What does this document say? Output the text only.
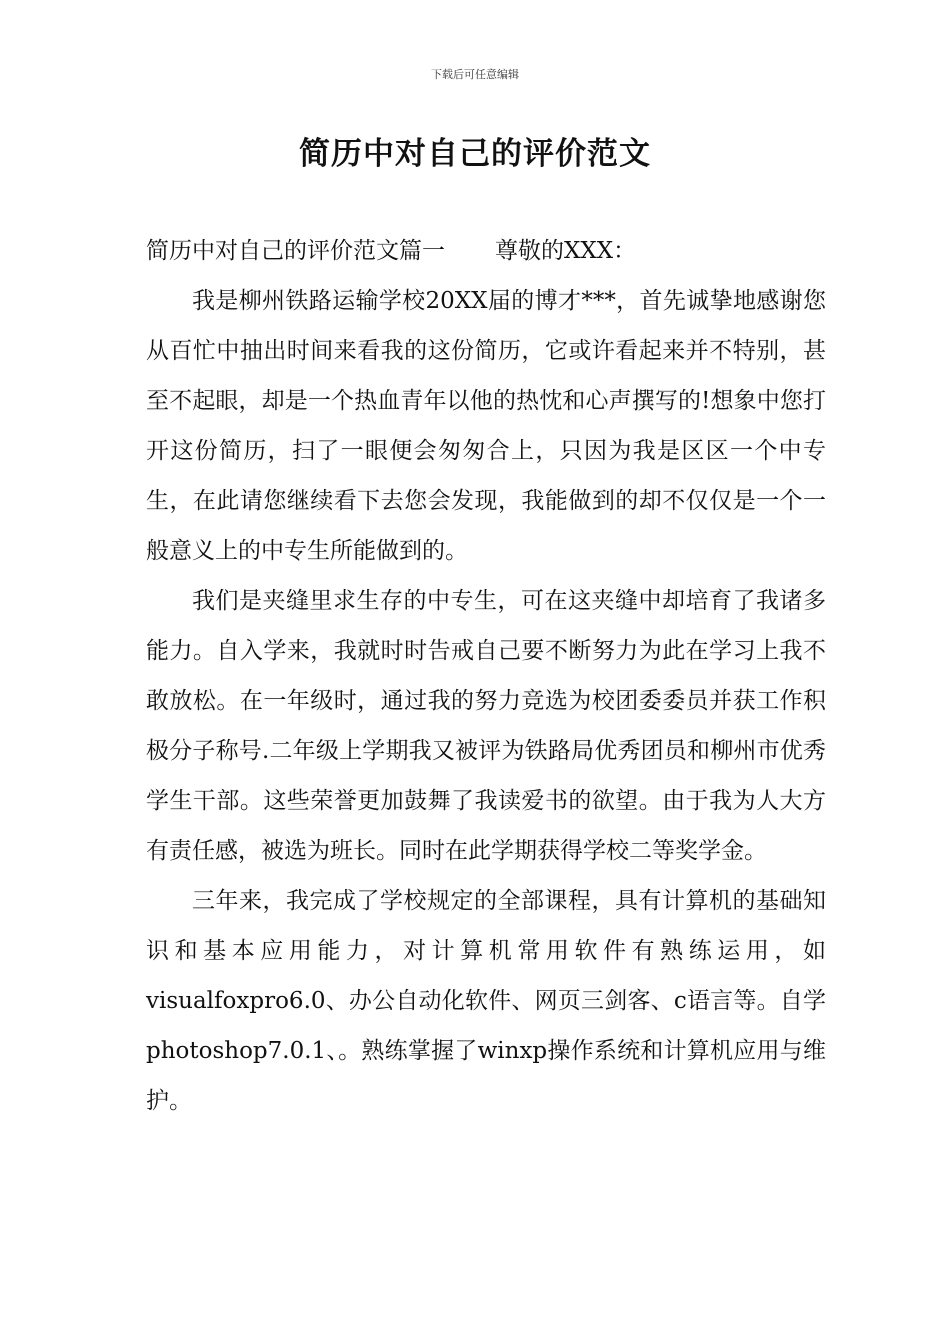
下载后可任意编辑
简历中对自己的评价范文

简历中对自己的评价范文篇一 尊敬的XXX：

我是柳州铁路运输学校20XX届的博才***，首先诚挚地感谢您从百忙中抽出时间来看我的这份简历，它或许看起来并不特别，甚至不起眼，却是一个热血青年以他的热忱和心声撰写的!想象中您打开这份简历，扫了一眼便会匆匆合上，只因为我是区区一个中专生，在此请您继续看下去您会发现，我能做到的却不仅仅是一个一般意义上的中专生所能做到的。

我们是夹缝里求生存的中专生，可在这夹缝中却培育了我诸多能力。自入学来，我就时时告戒自己要不断努力为此在学习上我不敢放松。在一年级时，通过我的努力竞选为校团委委员并获工作积极分子称号.二年级上学期我又被评为铁路局优秀团员和柳州市优秀学生干部。这些荣誉更加鼓舞了我读爱书的欲望。由于我为人大方有责任感，被选为班长。同时在此学期获得学校二等奖学金。

三年来，我完成了学校规定的全部课程，具有计算机的基础知识和基本应用能力，对计算机常用软件有熟练运用，如visualfoxpro6.0、办公自动化软件、网页三剑客、c语言等。自学photoshop7.0.1、。熟练掌握了winxp操作系统和计算机应用与维护。
